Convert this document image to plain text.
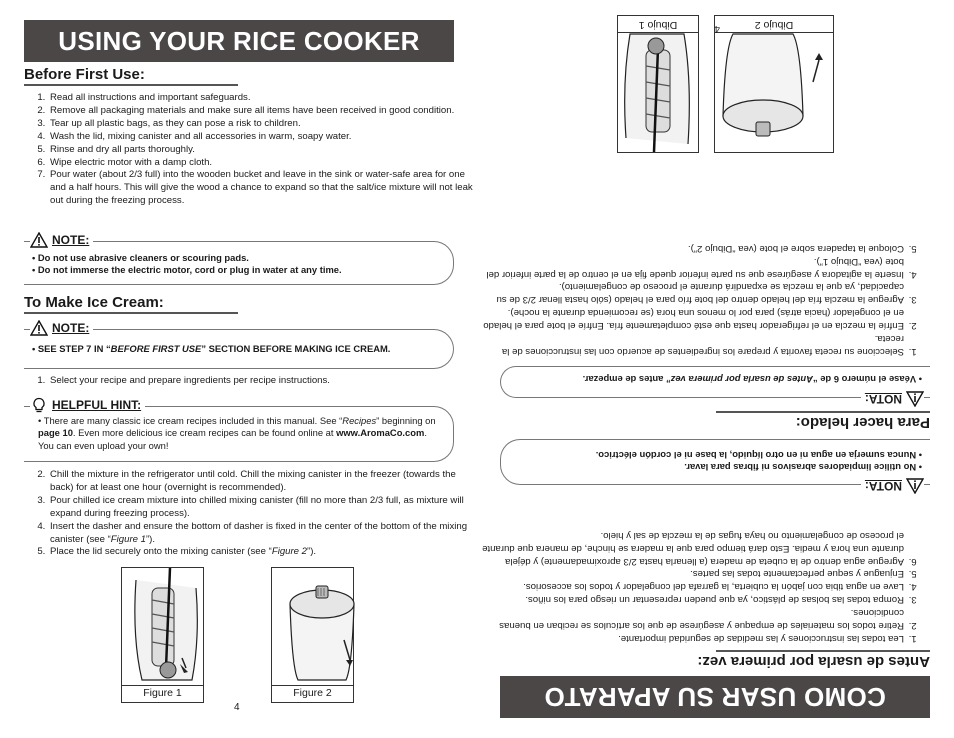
USING YOUR RICE COOKER
Before First Use:
1. Read all instructions and important safeguards.
2. Remove all packaging materials and make sure all items have been received in good condition.
3. Tear up all plastic bags, as they can pose a risk to children.
4. Wash the lid, mixing canister and all accessories in warm, soapy water.
5. Rinse and dry all parts thoroughly.
6. Wipe electric motor with a damp cloth.
7. Pour water (about 2/3 full) into the wooden bucket and leave in the sink or water-safe area for one and a half hours. This will give the wood a chance to expand so that the salt/ice mixture will not leak out during the freezing process.
NOTE:

• Do not use abrasive cleaners or scouring pads.

• Do not immerse the electric motor, cord or plug in water at any time.

To Make Ice Cream:
NOTE:

• SEE STEP 7 IN “BEFORE FIRST USE” SECTION BEFORE MAKING ICE CREAM.

1. Select your recipe and prepare ingredients per recipe instructions.
HELPFUL HINT:

• There are many classic ice cream recipes included in this manual. See “Recipes” beginning on page 10. Even more delicious ice cream recipes can be found online at www.AromaCo.com. You can even upload your own!

2. Chill the mixture in the refrigerator until cold. Chill the mixing canister in the freezer (towards the back) for at least one hour (overnight is recommended).
3. Pour chilled ice cream mixture into chilled mixing canister (fill no more than 2/3 full, as mixture will expand during freezing process).
4. Insert the dasher and ensure the bottom of dasher is fixed in the center of the bottom of the mixing canister (see “Figure 1”).
5. Place the lid securely onto the mixing canister (see “Figure 2”).
Figure 1	Figure 2
4	COMO USAR SU APARATO
Antes de usarla por primera vez:
1. Lea todas las instrucciones y las medidas de seguridad importante.
2. Retire todos los materiales de empaque y asegúrese de que los artículos se reciban en buenas condiciones.
3. Rompa todas las bolsas de plástico, ya que pueden representar un riesgo para los niños.
4. Lave en agua tibia con jabón la cubierta, la garrafa del congelador y todos los accesorios.
5. Enjuague y seque perfectamente todas las partes.
6. Agregue agua dentro de la cubeta de madera (a llenarla hasta 2/3 aproximadamente) y déjela durante una hora y media. Esto dará tiempo para que la madera se hinche, de manera que durante el proceso de congelamiento no haya fugas de la mezcla de sal y hielo.
NOTA:

• No utilice limpiadores abrasivos ni fibras para lavar.

• Nunca sumerja en agua ni en otro líquido, la base ni el cordón eléctrico.

Para hacer helado:
NOTA:

• Véase el número 6 de “Antes de usarla por primera vez” antes de empezar.

1. Seleccione su receta favorita y prepare los ingredientes de acuerdo con las instrucciones de la receta.
2. Enfríe la mezcla en el refrigerador hasta que esté completamente fría. Enfríe el bote para el helado en el congelador (hacia atrás) para por lo menos una hora (se recomienda durante la noche).
3. Agregue la mezcla fría del helado dentro del bote frío para el helado (sólo hasta llenar 2/3 de su capacidad, ya que la mezcla se expandirá durante el proceso de congelamiento).
4. Inserte la agitadora y asegúrese que su parte inferior quede fija en el centro de la parte inferior del bote (vea “Dibujo 1”).
5. Coloque la tapadera sobre el bote (vea “Dibujo 2”).
Dibujo 2
Dibujo 1	4
